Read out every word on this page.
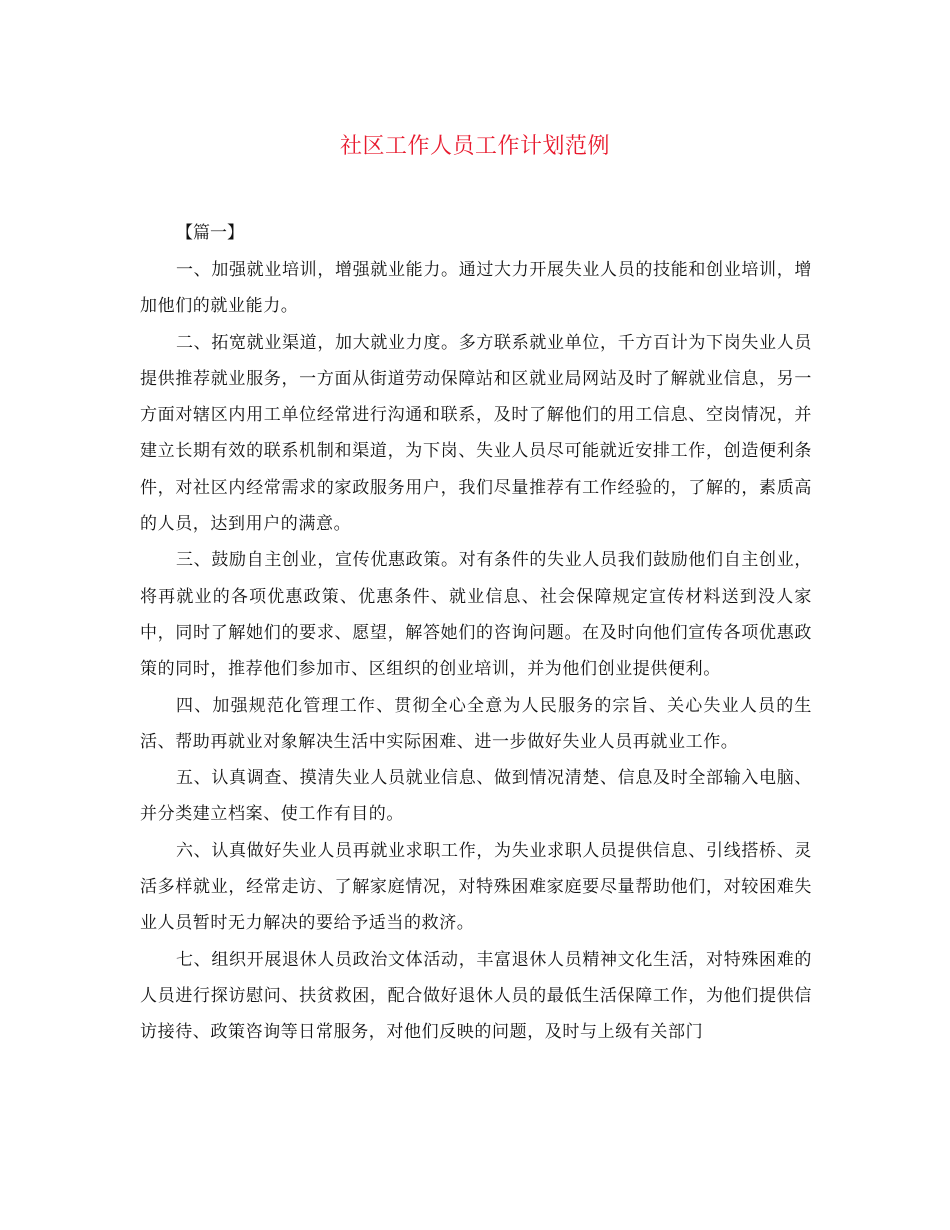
社区工作人员工作计划范例
【篇一】

一、加强就业培训，增强就业能力。通过大力开展失业人员的技能和创业培训，增加他们的就业能力。

二、拓宽就业渠道，加大就业力度。多方联系就业单位，千方百计为下岗失业人员提供推荐就业服务，一方面从街道劳动保障站和区就业局网站及时了解就业信息，另一方面对辖区内用工单位经常进行沟通和联系，及时了解他们的用工信息、空岗情况，并建立长期有效的联系机制和渠道，为下岗、失业人员尽可能就近安排工作，创造便利条件，对社区内经常需求的家政服务用户，我们尽量推荐有工作经验的，了解的，素质高的人员，达到用户的满意。

三、鼓励自主创业，宣传优惠政策。对有条件的失业人员我们鼓励他们自主创业，将再就业的各项优惠政策、优惠条件、就业信息、社会保障规定宣传材料送到没人家中，同时了解她们的要求、愿望，解答她们的咨询问题。在及时向他们宣传各项优惠政策的同时，推荐他们参加市、区组织的创业培训，并为他们创业提供便利。

四、加强规范化管理工作、贯彻全心全意为人民服务的宗旨、关心失业人员的生活、帮助再就业对象解决生活中实际困难、进一步做好失业人员再就业工作。

五、认真调查、摸清失业人员就业信息、做到情况清楚、信息及时全部输入电脑、并分类建立档案、使工作有目的。

六、认真做好失业人员再就业求职工作，为失业求职人员提供信息、引线搭桥、灵活多样就业，经常走访、了解家庭情况，对特殊困难家庭要尽量帮助他们，对较困难失业人员暂时无力解决的要给予适当的救济。

七、组织开展退休人员政治文体活动，丰富退休人员精神文化生活，对特殊困难的人员进行探访慰问、扶贫救困，配合做好退休人员的最低生活保障工作，为他们提供信访接待、政策咨询等日常服务，对他们反映的问题，及时与上级有关部门
